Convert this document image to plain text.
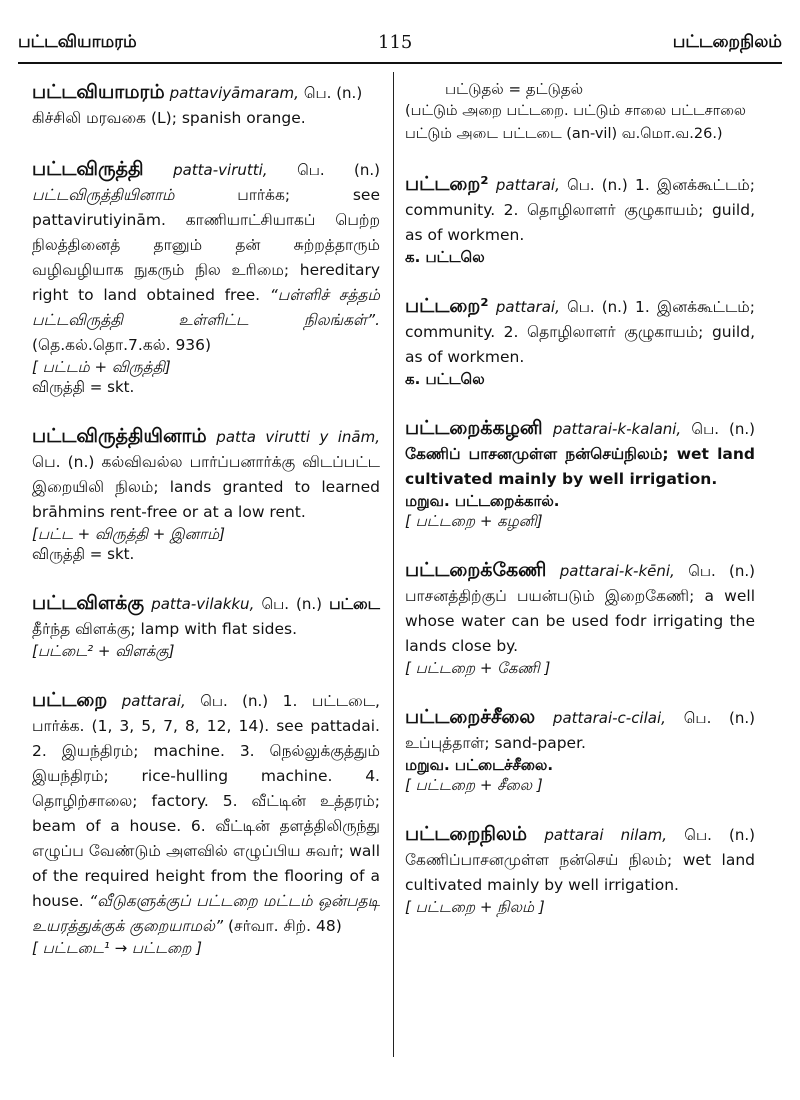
பட்டவியாமரம்	115	பட்டறைநிலம்

பட்டவியாமரம் pattaviyāmaram, பெ. (n.)

கிச்சிலி மரவகை (L); spanish orange.

பட்டவிருத்தி patta-virutti, பெ. (n.) பட்டவிருத்தியினாம்	பார்க்க; see pattavirutiyinām. காணியாட்சியாகப் பெற்ற நிலத்தினைத் தானும் தன் சுற்றத்தாரும் வழிவழியாக நுகரும் நில உரிமை; hereditary right to land obtained free. “பள்ளிச் சத்தம் பட்டவிருத்தி உள்ளிட்ட நிலங்கள்”. (தெ.கல்.தொ.7.கல். 936)

[ பட்டம் + விருத்தி]

விருத்தி = skt.

பட்டவிருத்தியினாம் patta virutti y inām, பெ. (n.) கல்விவல்ல பார்ப்பனார்க்கு விடப்பட்ட இறையிலி நிலம்; lands granted to learned brāhmins rent-free or at a low rent.

[பட்ட + விருத்தி + இனாம்]

விருத்தி = skt.

பட்டவிளக்கு patta-vilakku, பெ. (n.) பட்டை தீர்ந்த விளக்கு; lamp with flat sides.

[பட்டை² + விளக்கு]

பட்டறை pattarai, பெ. (n.) 1. பட்டடை, பார்க்க. (1, 3, 5, 7, 8, 12, 14). see pattadai. 2. இயந்திரம்; machine. 3. நெல்லுக்குத்தும் இயந்திரம்; rice-hulling machine. 4. தொழிற்சாலை; factory. 5. வீட்டின் உத்தரம்; beam of a house. 6. வீட்டின் தளத்திலிருந்து எழுப்ப வேண்டும் அளவில் எழுப்பிய சுவர்; wall of the required height from the flooring of a house. “வீடுகளுக்குப் பட்டறை மட்டம் ஒன்பதடி உயரத்துக்குக் குறையாமல்” (சர்வா. சிற். 48)

[ பட்டடை¹ → பட்டறை ]

பட்டுதல் = தட்டுதல்

(பட்டும் அறை பட்டறை. பட்டும் சாலை பட்டசாலை பட்டும் அடை பட்டடை (an-vil) வ.மொ.வ.26.)

பட்டறை² pattarai, பெ. (n.) 1. இனக்கூட்டம்; community. 2. தொழிலாளர் குழுகாயம்; guild, as of workmen.

க. பட்டலெ

பட்டறை² pattarai, பெ. (n.) 1. இனக்கூட்டம்; community. 2. தொழிலாளர் குழுகாயம்; guild, as of workmen.

க. பட்டலெ

பட்டறைக்கழனி pattarai-k-kalani, பெ. (n.) கேணிப் பாசனமுள்ள நன்செய்நிலம்; wet land cultivated mainly by well irrigation.

மறுவ. பட்டறைக்கால்.

[ பட்டறை + கழனி]

பட்டறைக்கேணி pattarai-k-kēni, பெ. (n.) பாசனத்திற்குப் பயன்படும் இறைகேணி; a well whose water can be used fodr irrigating the lands close by.

[ பட்டறை + கேணி ]

பட்டறைச்சீலை pattarai-c-cilai, பெ. (n.) உப்புத்தாள்; sand-paper.

மறுவ. பட்டைச்சீலை.

[ பட்டறை + சீலை ]

பட்டறைநிலம் pattarai nilam, பெ. (n.) கேணிப்பாசனமுள்ள நன்செய் நிலம்; wet land cultivated mainly by well irrigation.

[ பட்டறை + நிலம் ]
